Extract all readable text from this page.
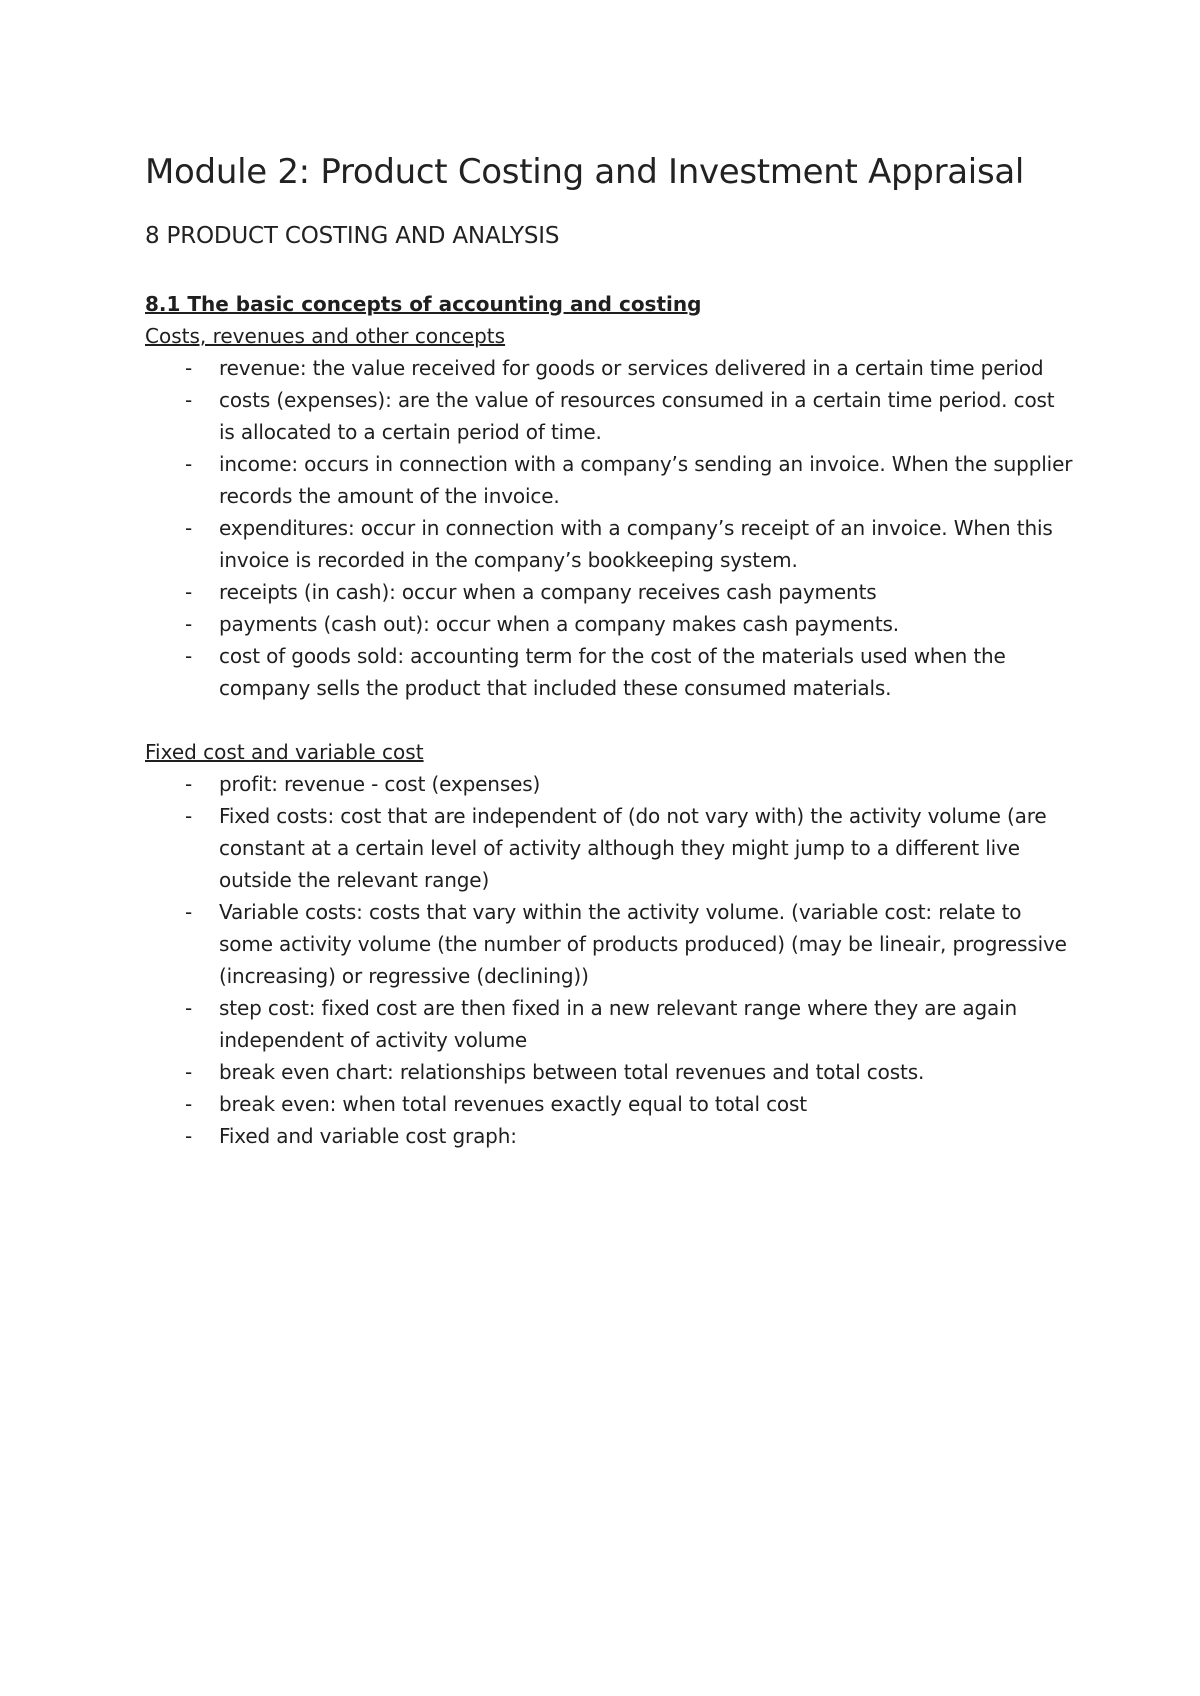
Module 2: Product Costing and Investment Appraisal
8 PRODUCT COSTING AND ANALYSIS
8.1 The basic concepts of accounting and costing
Costs, revenues and other concepts
- revenue: the value received for goods or services delivered in a certain time period
- costs (expenses): are the value of resources consumed in a certain time period. cost is allocated to a certain period of time.
- income: occurs in connection with a company’s sending an invoice. When the supplier records the amount of the invoice.
- expenditures: occur in connection with a company’s receipt of an invoice. When this invoice is recorded in the company’s bookkeeping system.
- receipts (in cash): occur when a company receives cash payments
- payments (cash out): occur when a company makes cash payments.
- cost of goods sold: accounting term for the cost of the materials used when the company sells the product that included these consumed materials.
Fixed cost and variable cost
- profit: revenue - cost (expenses)
- Fixed costs: cost that are independent of (do not vary with) the activity volume (are constant at a certain level of activity although they might jump to a different live outside the relevant range)
- Variable costs: costs that vary within the activity volume. (variable cost: relate to some activity volume (the number of products produced) (may be lineair, progressive (increasing) or regressive (declining))
- step cost: fixed cost are then fixed in a new relevant range where they are again independent of activity volume
- break even chart: relationships between total revenues and total costs.
- break even: when total revenues exactly equal to total cost
- Fixed and variable cost graph:
